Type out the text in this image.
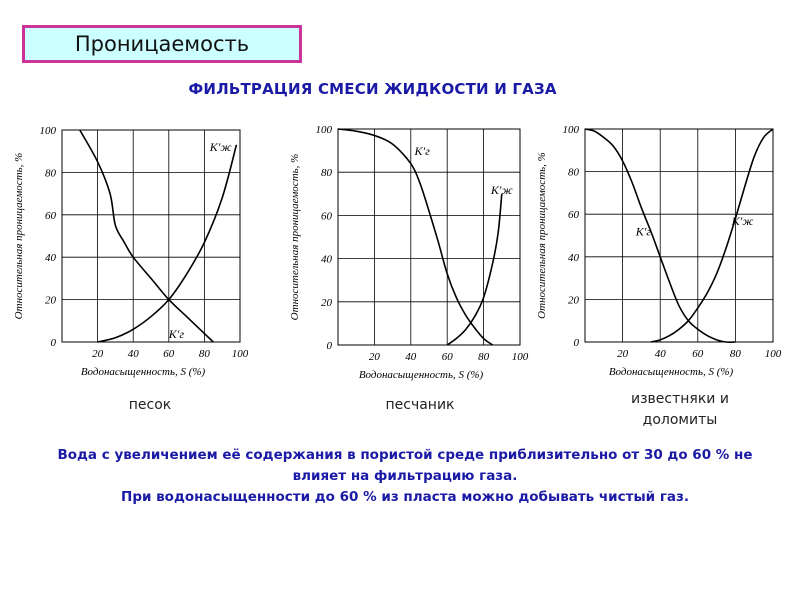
Проницаемость
ФИЛЬТРАЦИЯ СМЕСИ ЖИДКОСТИ И ГАЗА
20 40 60 80 100
0
20
40
60
80
100
Водонасыщенность, S (%)
Относительная проницаемость, %
K′г
K′ж
20 40 60 80 100
0
20
40
60
80
100
Водонасыщенность, S (%)
Относительная проницаемость, %
K′г
K′ж
20 40 60 80 100
0
20
40
60
80
100
Водонасыщенность, S (%)
Относительная проницаемость, %	K′г
K′ж
песок	песчаник	известняки и доломиты
Вода с увеличением её содержания в пористой среде приблизительно от 30 до 60 % не влияет на фильтрацию газа.
При водонасыщенности до 60 % из пласта можно добывать чистый газ.
